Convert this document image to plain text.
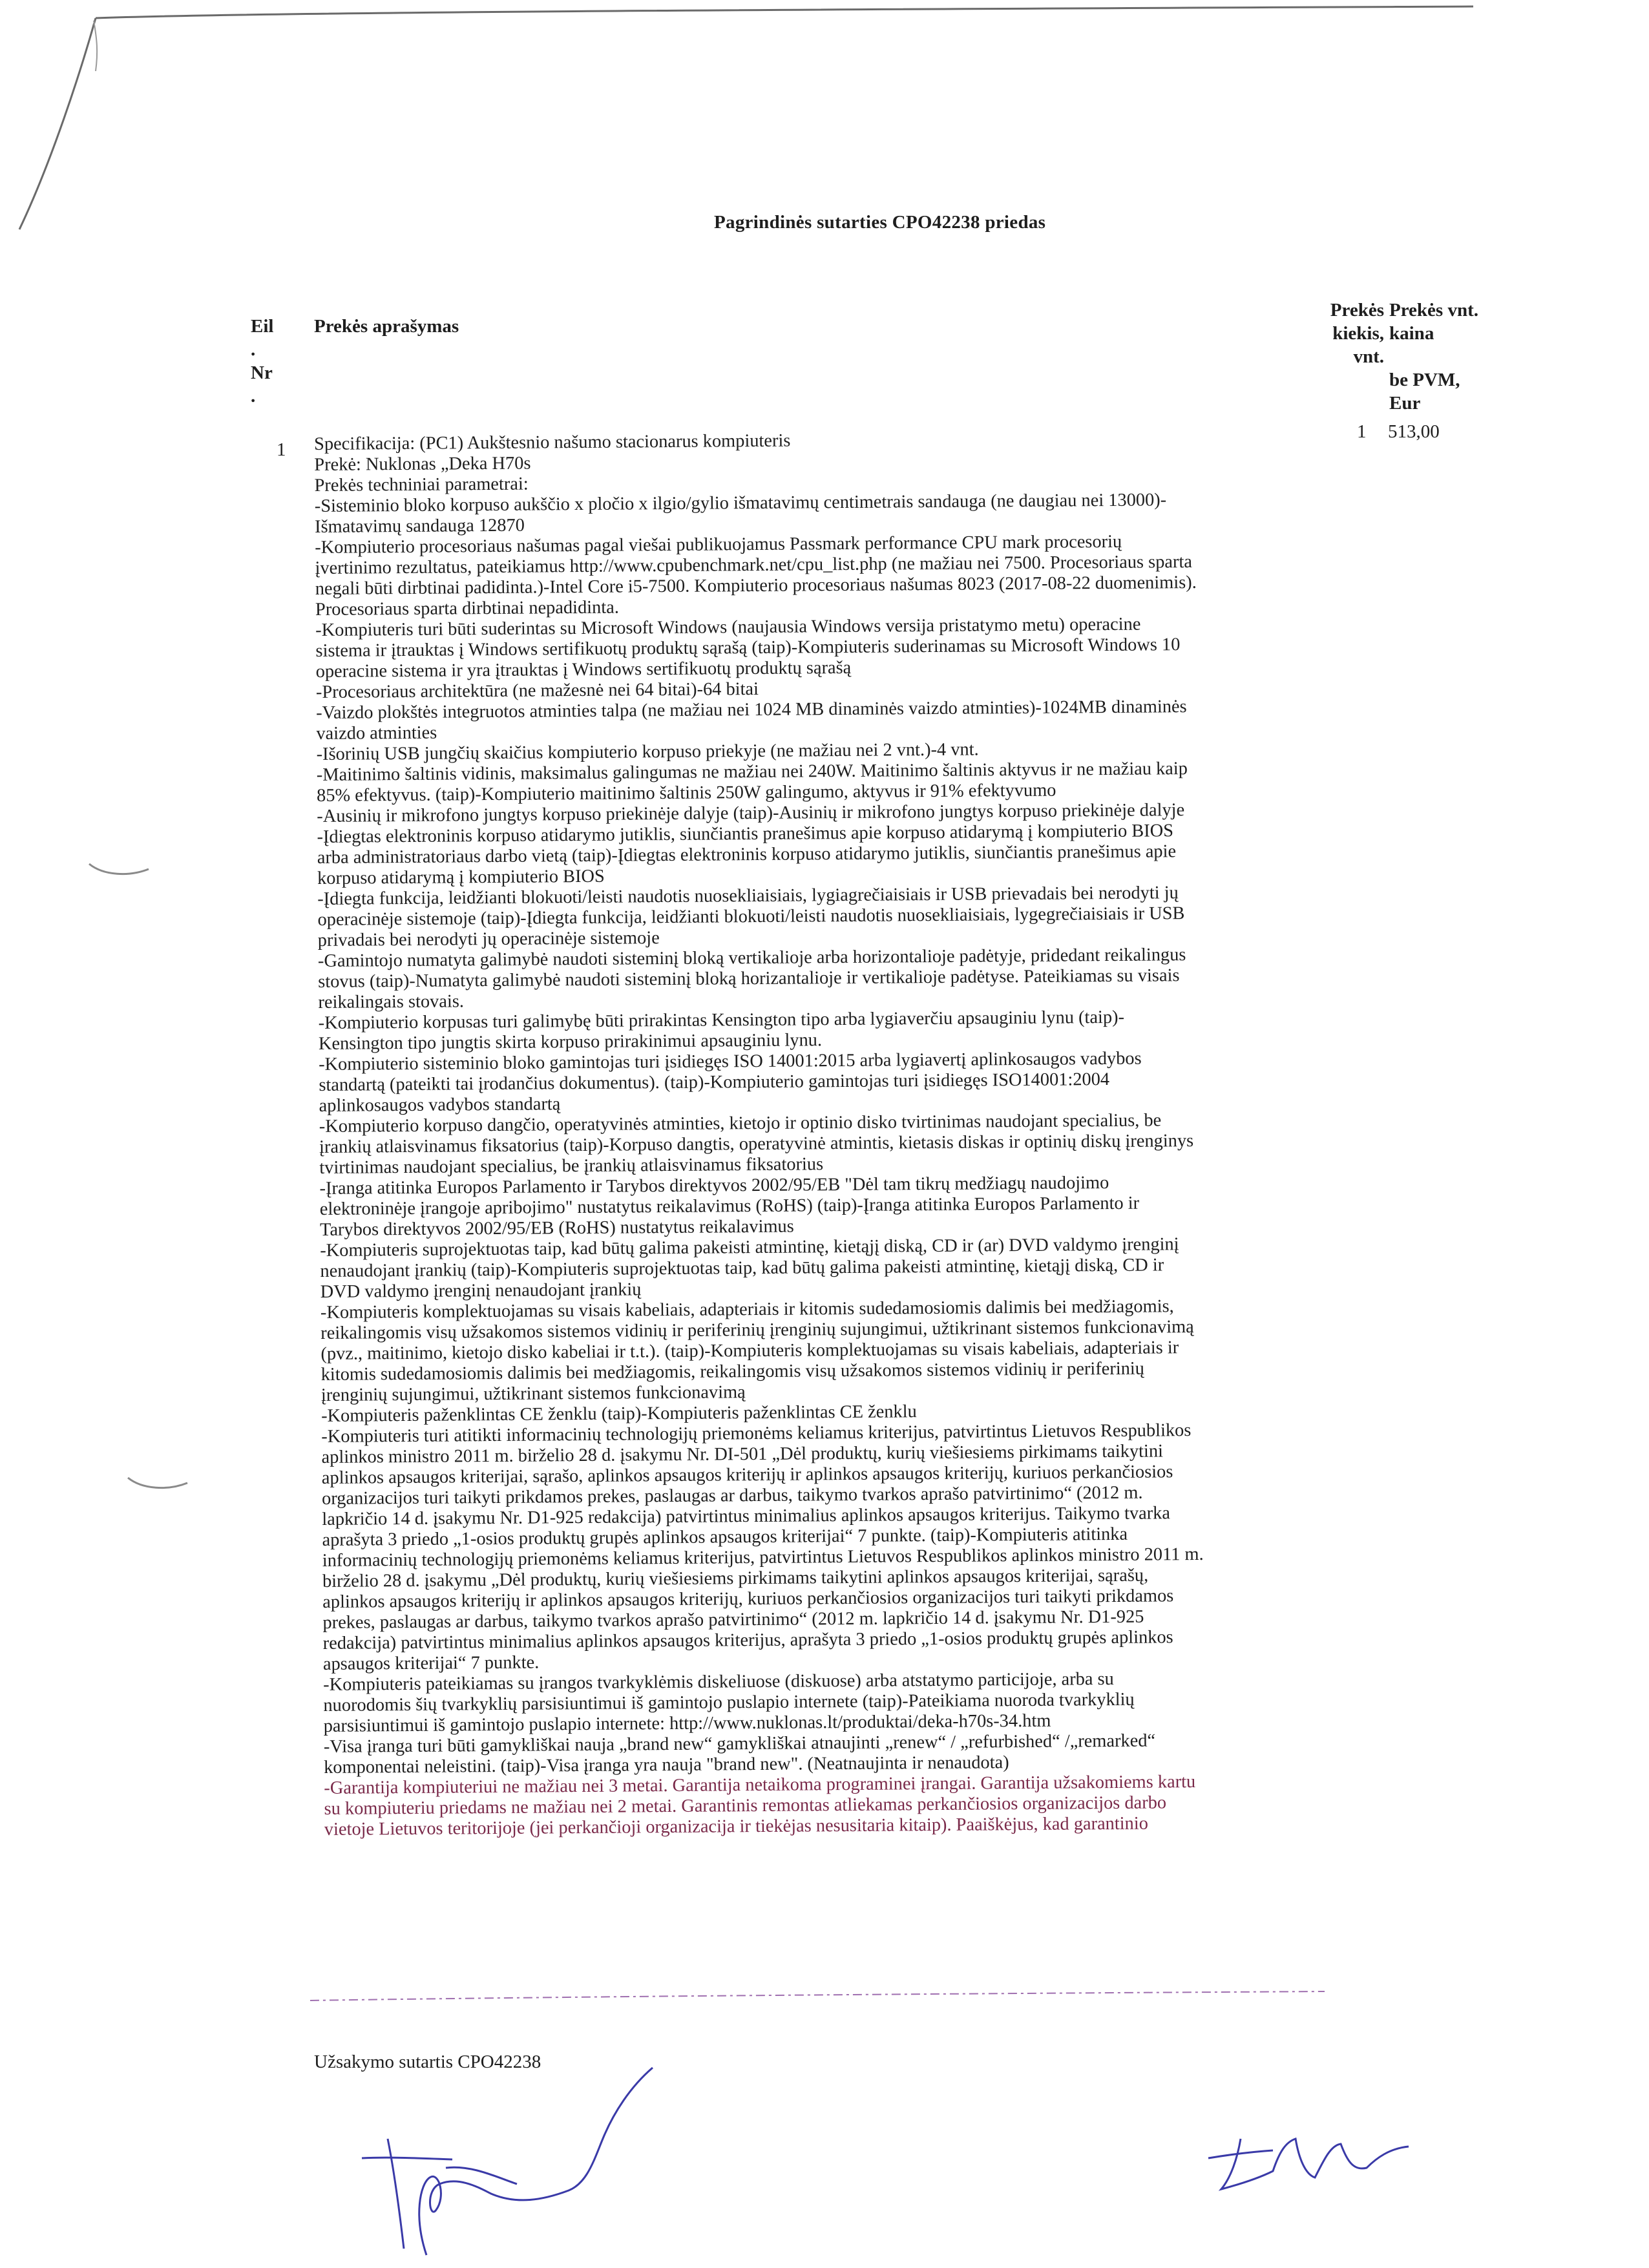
Pagrindinės sutarties CPO42238 priedas
Eil
.
Nr
.
Prekės aprašymas
Prekės
kiekis,
vnt.
Prekės vnt.
kaina
be PVM,
Eur
1
1 513,00
Specifikacija: (PC1) Aukštesnio našumo stacionarus kompiuteris
Prekė: Nuklonas „Deka H70s
Prekės techniniai parametrai:
-Sisteminio bloko korpuso aukščio x pločio x ilgio/gylio išmatavimų centimetrais sandauga (ne daugiau nei 13000)-
Išmatavimų sandauga 12870
-Kompiuterio procesoriaus našumas pagal viešai publikuojamus Passmark performance CPU mark procesorių
įvertinimo rezultatus, pateikiamus http://www.cpubenchmark.net/cpu_list.php (ne mažiau nei 7500. Procesoriaus sparta
negali būti dirbtinai padidinta.)-Intel Core i5-7500. Kompiuterio procesoriaus našumas 8023 (2017-08-22 duomenimis).
Procesoriaus sparta dirbtinai nepadidinta.
-Kompiuteris turi būti suderintas su Microsoft Windows (naujausia Windows versija pristatymo metu) operacine
sistema ir įtrauktas į Windows sertifikuotų produktų sąrašą (taip)-Kompiuteris suderinamas su Microsoft Windows 10
operacine sistema ir yra įtrauktas į Windows sertifikuotų produktų sąrašą
-Procesoriaus architektūra (ne mažesnė nei 64 bitai)-64 bitai
-Vaizdo plokštės integruotos atminties talpa (ne mažiau nei 1024 MB dinaminės vaizdo atminties)-1024MB dinaminės
vaizdo atminties
-Išorinių USB jungčių skaičius kompiuterio korpuso priekyje (ne mažiau nei 2 vnt.)-4 vnt.
-Maitinimo šaltinis vidinis, maksimalus galingumas ne mažiau nei 240W. Maitinimo šaltinis aktyvus ir ne mažiau kaip
85% efektyvus. (taip)-Kompiuterio maitinimo šaltinis 250W galingumo, aktyvus ir 91% efektyvumo
-Ausinių ir mikrofono jungtys korpuso priekinėje dalyje (taip)-Ausinių ir mikrofono jungtys korpuso priekinėje dalyje
-Įdiegtas elektroninis korpuso atidarymo jutiklis, siunčiantis pranešimus apie korpuso atidarymą į kompiuterio BIOS
arba administratoriaus darbo vietą (taip)-Įdiegtas elektroninis korpuso atidarymo jutiklis, siunčiantis pranešimus apie
korpuso atidarymą į kompiuterio BIOS
-Įdiegta funkcija, leidžianti blokuoti/leisti naudotis nuosekliaisiais, lygiagrečiaisiais ir USB prievadais bei nerodyti jų
operacinėje sistemoje (taip)-Įdiegta funkcija, leidžianti blokuoti/leisti naudotis nuosekliaisiais, lygegrečiaisiais ir USB
privadais bei nerodyti jų operacinėje sistemoje
-Gamintojo numatyta galimybė naudoti sisteminį bloką vertikalioje arba horizontalioje padėtyje, pridedant reikalingus
stovus (taip)-Numatyta galimybė naudoti sisteminį bloką horizantalioje ir vertikalioje padėtyse. Pateikiamas su visais
reikalingais stovais.
-Kompiuterio korpusas turi galimybę būti prirakintas Kensington tipo arba lygiaverčiu apsauginiu lynu (taip)-
Kensington tipo jungtis skirta korpuso prirakinimui apsauginiu lynu.
-Kompiuterio sisteminio bloko gamintojas turi įsidiegęs ISO 14001:2015 arba lygiavertį aplinkosaugos vadybos
standartą (pateikti tai įrodančius dokumentus). (taip)-Kompiuterio gamintojas turi įsidiegęs ISO14001:2004
aplinkosaugos vadybos standartą
-Kompiuterio korpuso dangčio, operatyvinės atminties, kietojo ir optinio disko tvirtinimas naudojant specialius, be
įrankių atlaisvinamus fiksatorius (taip)-Korpuso dangtis, operatyvinė atmintis, kietasis diskas ir optinių diskų įrenginys
tvirtinimas naudojant specialius, be įrankių atlaisvinamus fiksatorius
-Įranga atitinka Europos Parlamento ir Tarybos direktyvos 2002/95/EB "Dėl tam tikrų medžiagų naudojimo
elektroninėje įrangoje apribojimo" nustatytus reikalavimus (RoHS) (taip)-Įranga atitinka Europos Parlamento ir
Tarybos direktyvos 2002/95/EB (RoHS) nustatytus reikalavimus
-Kompiuteris suprojektuotas taip, kad būtų galima pakeisti atmintinę, kietąjį diską, CD ir (ar) DVD valdymo įrenginį
nenaudojant įrankių (taip)-Kompiuteris suprojektuotas taip, kad būtų galima pakeisti atmintinę, kietąjį diską, CD ir
DVD valdymo įrenginį nenaudojant įrankių
-Kompiuteris komplektuojamas su visais kabeliais, adapteriais ir kitomis sudedamosiomis dalimis bei medžiagomis,
reikalingomis visų užsakomos sistemos vidinių ir periferinių įrenginių sujungimui, užtikrinant sistemos funkcionavimą
(pvz., maitinimo, kietojo disko kabeliai ir t.t.). (taip)-Kompiuteris komplektuojamas su visais kabeliais, adapteriais ir
kitomis sudedamosiomis dalimis bei medžiagomis, reikalingomis visų užsakomos sistemos vidinių ir periferinių
įrenginių sujungimui, užtikrinant sistemos funkcionavimą
-Kompiuteris paženklintas CE ženklu (taip)-Kompiuteris paženklintas CE ženklu
-Kompiuteris turi atitikti informacinių technologijų priemonėms keliamus kriterijus, patvirtintus Lietuvos Respublikos
aplinkos ministro 2011 m. birželio 28 d. įsakymu Nr. DI-501 „Dėl produktų, kurių viešiesiems pirkimams taikytini
aplinkos apsaugos kriterijai, sąrašo, aplinkos apsaugos kriterijų ir aplinkos apsaugos kriterijų, kuriuos perkančiosios
organizacijos turi taikyti prikdamos prekes, paslaugas ar darbus, taikymo tvarkos aprašo patvirtinimo“ (2012 m.
lapkričio 14 d. įsakymu Nr. D1-925 redakcija) patvirtintus minimalius aplinkos apsaugos kriterijus. Taikymo tvarka
aprašyta 3 priedo „1-osios produktų grupės aplinkos apsaugos kriterijai“ 7 punkte. (taip)-Kompiuteris atitinka
informacinių technologijų priemonėms keliamus kriterijus, patvirtintus Lietuvos Respublikos aplinkos ministro 2011 m.
birželio 28 d. įsakymu „Dėl produktų, kurių viešiesiems pirkimams taikytini aplinkos apsaugos kriterijai, sąrašų,
aplinkos apsaugos kriterijų ir aplinkos apsaugos kriterijų, kuriuos perkančiosios organizacijos turi taikyti prikdamos
prekes, paslaugas ar darbus, taikymo tvarkos aprašo patvirtinimo“ (2012 m. lapkričio 14 d. įsakymu Nr. D1-925
redakcija) patvirtintus minimalius aplinkos apsaugos kriterijus, aprašyta 3 priedo „1-osios produktų grupės aplinkos
apsaugos kriterijai“ 7 punkte.
-Kompiuteris pateikiamas su įrangos tvarkyklėmis diskeliuose (diskuose) arba atstatymo particijoje, arba su
nuorodomis šių tvarkyklių parsisiuntimui iš gamintojo puslapio internete (taip)-Pateikiama nuoroda tvarkyklių
parsisiuntimui iš gamintojo puslapio internete: http://www.nuklonas.lt/produktai/deka-h70s-34.htm
-Visa įranga turi būti gamykliškai nauja „brand new“ gamykliškai atnaujinti „renew“ / „refurbished“ /„remarked“
komponentai neleistini. (taip)-Visa įranga yra nauja "brand new". (Neatnaujinta ir nenaudota)
-Garantija kompiuteriui ne mažiau nei 3 metai. Garantija netaikoma programinei įrangai. Garantija užsakomiems kartu
su kompiuteriu priedams ne mažiau nei 2 metai. Garantinis remontas atliekamas perkančiosios organizacijos darbo
vietoje Lietuvos teritorijoje (jei perkančioji organizacija ir tiekėjas nesusitaria kitaip). Paaiškėjus, kad garantinio
Užsakymo sutartis CPO42238
